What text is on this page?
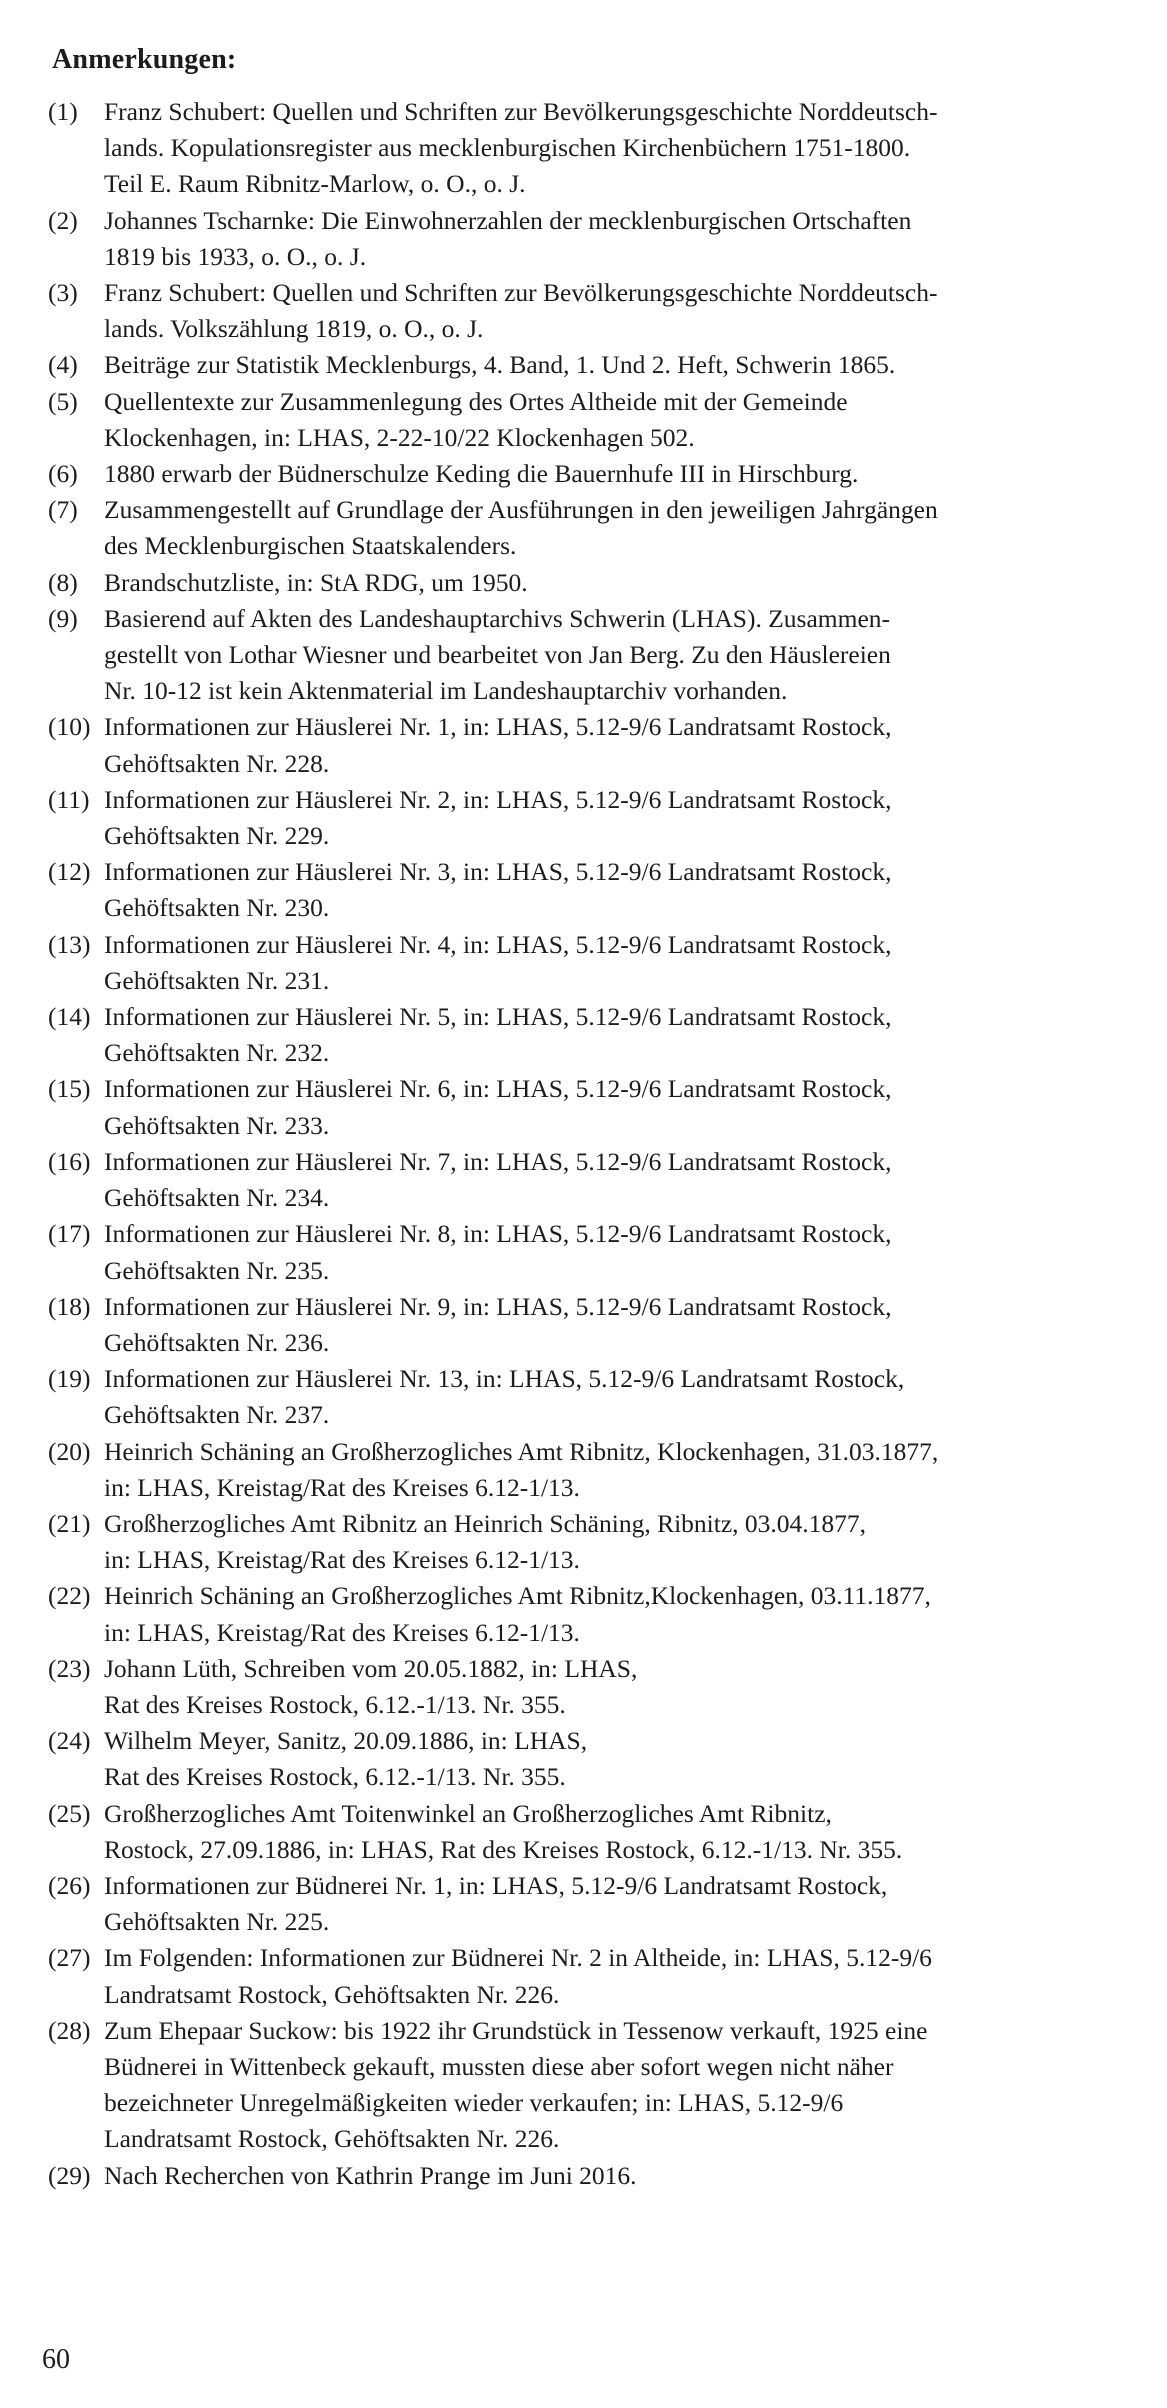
Anmerkungen:
(1)	Franz Schubert: Quellen und Schriften zur Bevölkerungsgeschichte Norddeutsch-
lands. Kopulationsregister aus mecklenburgischen Kirchenbüchern 1751-1800.
Teil E. Raum Ribnitz-Marlow, o. O., o. J.
(2)	Johannes Tscharnke: Die Einwohnerzahlen der mecklenburgischen Ortschaften
1819 bis 1933, o. O., o. J.
(3)	Franz Schubert: Quellen und Schriften zur Bevölkerungsgeschichte Norddeutsch-
lands. Volkszählung 1819, o. O., o. J.
(4)	Beiträge zur Statistik Mecklenburgs, 4. Band, 1. Und 2. Heft, Schwerin 1865.
(5)	Quellentexte zur Zusammenlegung des Ortes Altheide mit der Gemeinde
Klockenhagen, in: LHAS, 2-22-10/22 Klockenhagen 502.
(6)	1880 erwarb der Büdnerschulze Keding die Bauernhufe III in Hirschburg.
(7)	Zusammengestellt auf Grundlage der Ausführungen in den jeweiligen Jahrgängen
des Mecklenburgischen Staatskalenders.
(8)	Brandschutzliste, in: StA RDG, um 1950.
(9)	Basierend auf Akten des Landeshauptarchivs Schwerin (LHAS). Zusammen-
gestellt von Lothar Wiesner und bearbeitet von Jan Berg. Zu den Häuslereien
Nr. 10-12 ist kein Aktenmaterial im Landeshauptarchiv vorhanden.
(10) Informationen zur Häuslerei Nr. 1, in: LHAS, 5.12-9/6 Landratsamt Rostock,
Gehöftsakten Nr. 228.
(11) Informationen zur Häuslerei Nr. 2, in: LHAS, 5.12-9/6 Landratsamt Rostock,
Gehöftsakten Nr. 229.
(12) Informationen zur Häuslerei Nr. 3, in: LHAS, 5.12-9/6 Landratsamt Rostock,
Gehöftsakten Nr. 230.
(13) Informationen zur Häuslerei Nr. 4, in: LHAS, 5.12-9/6 Landratsamt Rostock,
Gehöftsakten Nr. 231.
(14) Informationen zur Häuslerei Nr. 5, in: LHAS, 5.12-9/6 Landratsamt Rostock,
Gehöftsakten Nr. 232.
(15) Informationen zur Häuslerei Nr. 6, in: LHAS, 5.12-9/6 Landratsamt Rostock,
Gehöftsakten Nr. 233.
(16) Informationen zur Häuslerei Nr. 7, in: LHAS, 5.12-9/6 Landratsamt Rostock,
Gehöftsakten Nr. 234.
(17) Informationen zur Häuslerei Nr. 8, in: LHAS, 5.12-9/6 Landratsamt Rostock,
Gehöftsakten Nr. 235.
(18) Informationen zur Häuslerei Nr. 9, in: LHAS, 5.12-9/6 Landratsamt Rostock,
Gehöftsakten Nr. 236.
(19) Informationen zur Häuslerei Nr. 13, in: LHAS, 5.12-9/6 Landratsamt Rostock,
Gehöftsakten Nr. 237.
(20) Heinrich Schäning an Großherzogliches Amt Ribnitz, Klockenhagen, 31.03.1877,
in: LHAS, Kreistag/Rat des Kreises 6.12-1/13.
(21) Großherzogliches Amt Ribnitz an Heinrich Schäning, Ribnitz, 03.04.1877,
in: LHAS, Kreistag/Rat des Kreises 6.12-1/13.
(22) Heinrich Schäning an Großherzogliches Amt Ribnitz,Klockenhagen, 03.11.1877,
in: LHAS, Kreistag/Rat des Kreises 6.12-1/13.
(23) Johann Lüth, Schreiben vom 20.05.1882, in: LHAS,
Rat des Kreises Rostock, 6.12.-1/13. Nr. 355.
(24) Wilhelm Meyer, Sanitz, 20.09.1886, in: LHAS,
Rat des Kreises Rostock, 6.12.-1/13. Nr. 355.
(25) Großherzogliches Amt Toitenwinkel an Großherzogliches Amt Ribnitz,
Rostock, 27.09.1886, in: LHAS, Rat des Kreises Rostock, 6.12.-1/13. Nr. 355.
(26) Informationen zur Büdnerei Nr. 1, in: LHAS, 5.12-9/6 Landratsamt Rostock,
Gehöftsakten Nr. 225.
(27) Im Folgenden: Informationen zur Büdnerei Nr. 2 in Altheide, in: LHAS, 5.12-9/6
Landratsamt Rostock, Gehöftsakten Nr. 226.
(28) Zum Ehepaar Suckow: bis 1922 ihr Grundstück in Tessenow verkauft, 1925 eine
Büdnerei in Wittenbeck gekauft, mussten diese aber sofort wegen nicht näher
bezeichneter Unregelmäßigkeiten wieder verkaufen; in: LHAS, 5.12-9/6
Landratsamt Rostock, Gehöftsakten Nr. 226.
(29) Nach Recherchen von Kathrin Prange im Juni 2016.
60
